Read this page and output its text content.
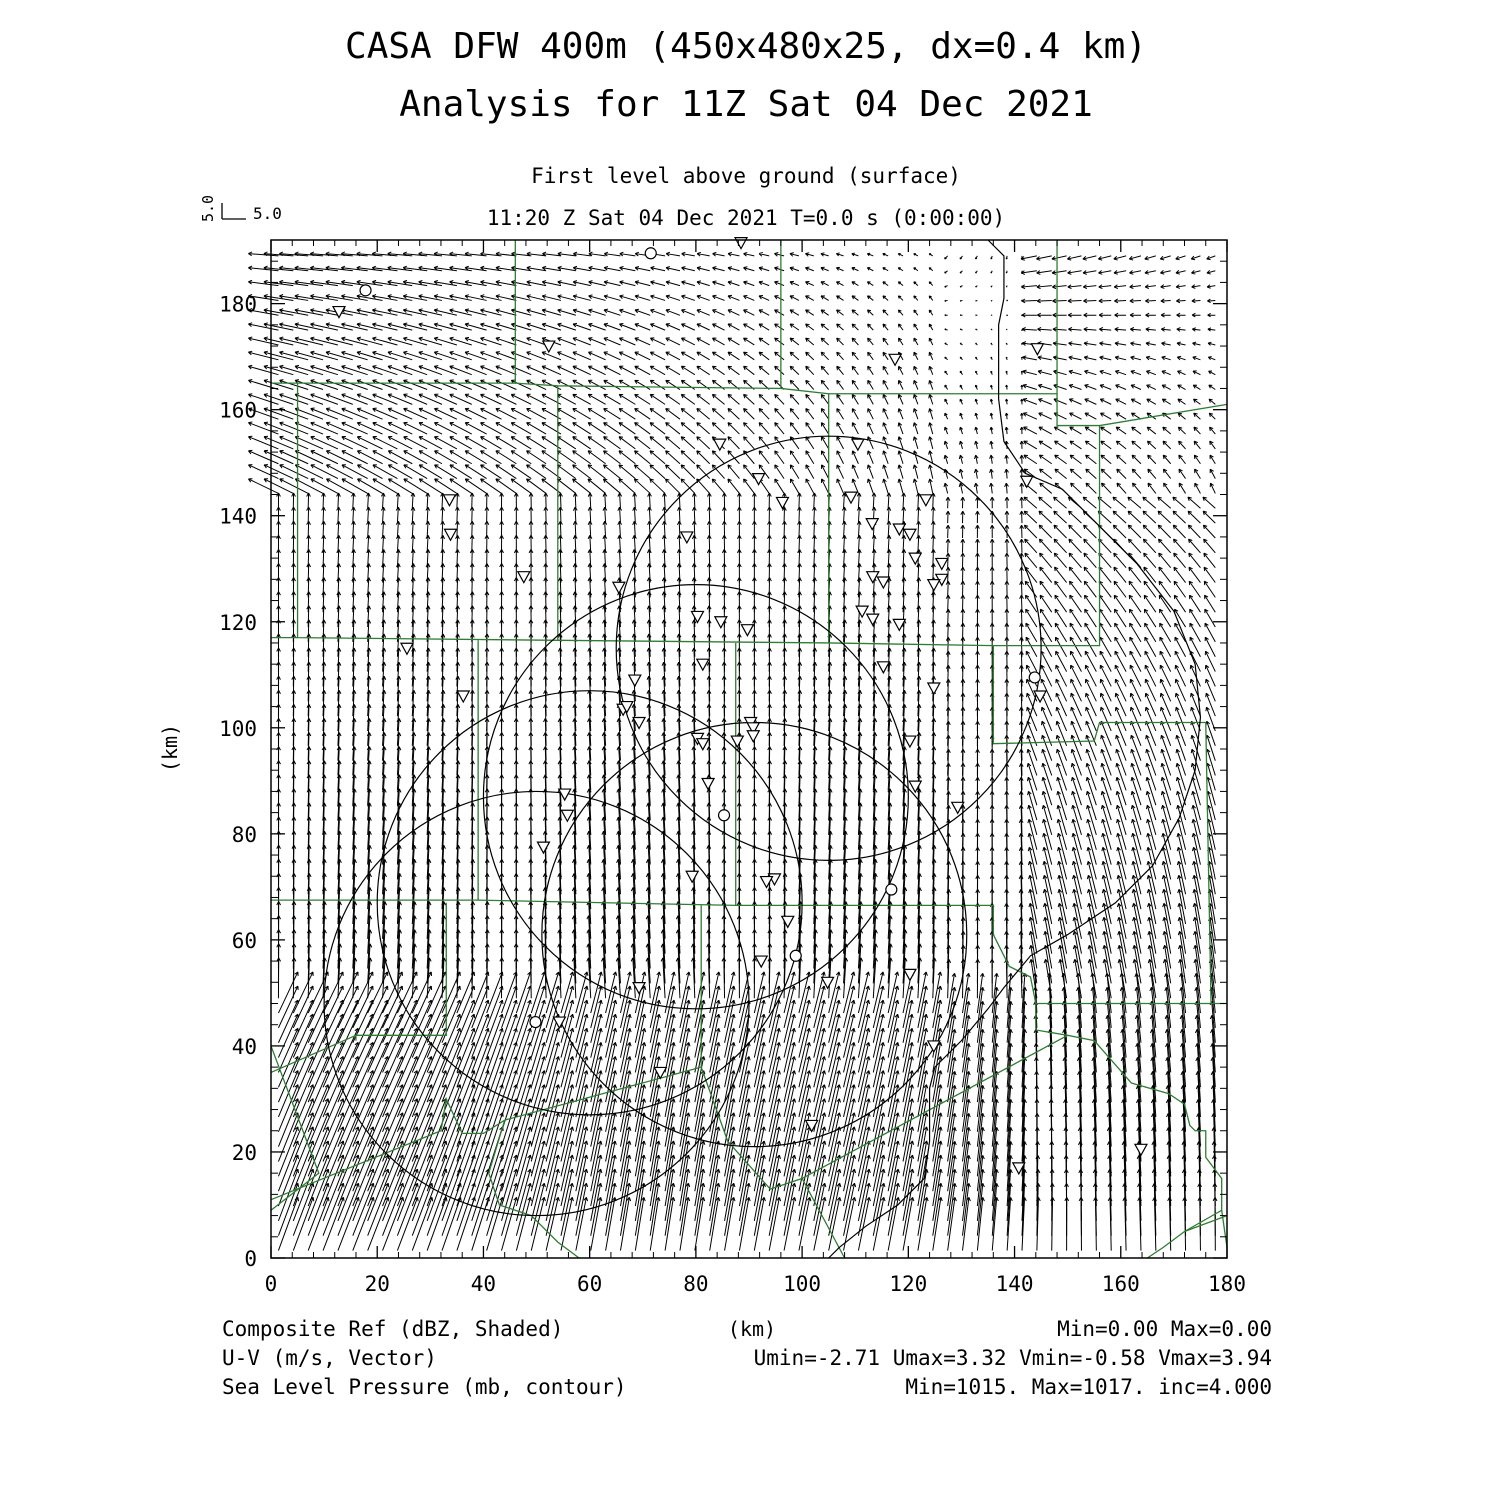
CASA DFW 400m (450x480x25, dx=0.4 km)
Analysis for 11Z Sat 04 Dec 2021
First level above ground (surface)
11:20 Z Sat 04 Dec 2021 T=0.0 s (0:00:00)
5.0 5.0
0	20	40	60	80	100	120	140	160	180
0
20
40
60
80
100
120
140
160
180
(km)
(km)
Composite Ref (dBZ, Shaded)	Min=0.00 Max=0.00
U-V (m/s, Vector)	Umin=-2.71 Umax=3.32 Vmin=-0.58 Vmax=3.94
Sea Level Pressure (mb, contour)	Min=1015. Max=1017. inc=4.000
